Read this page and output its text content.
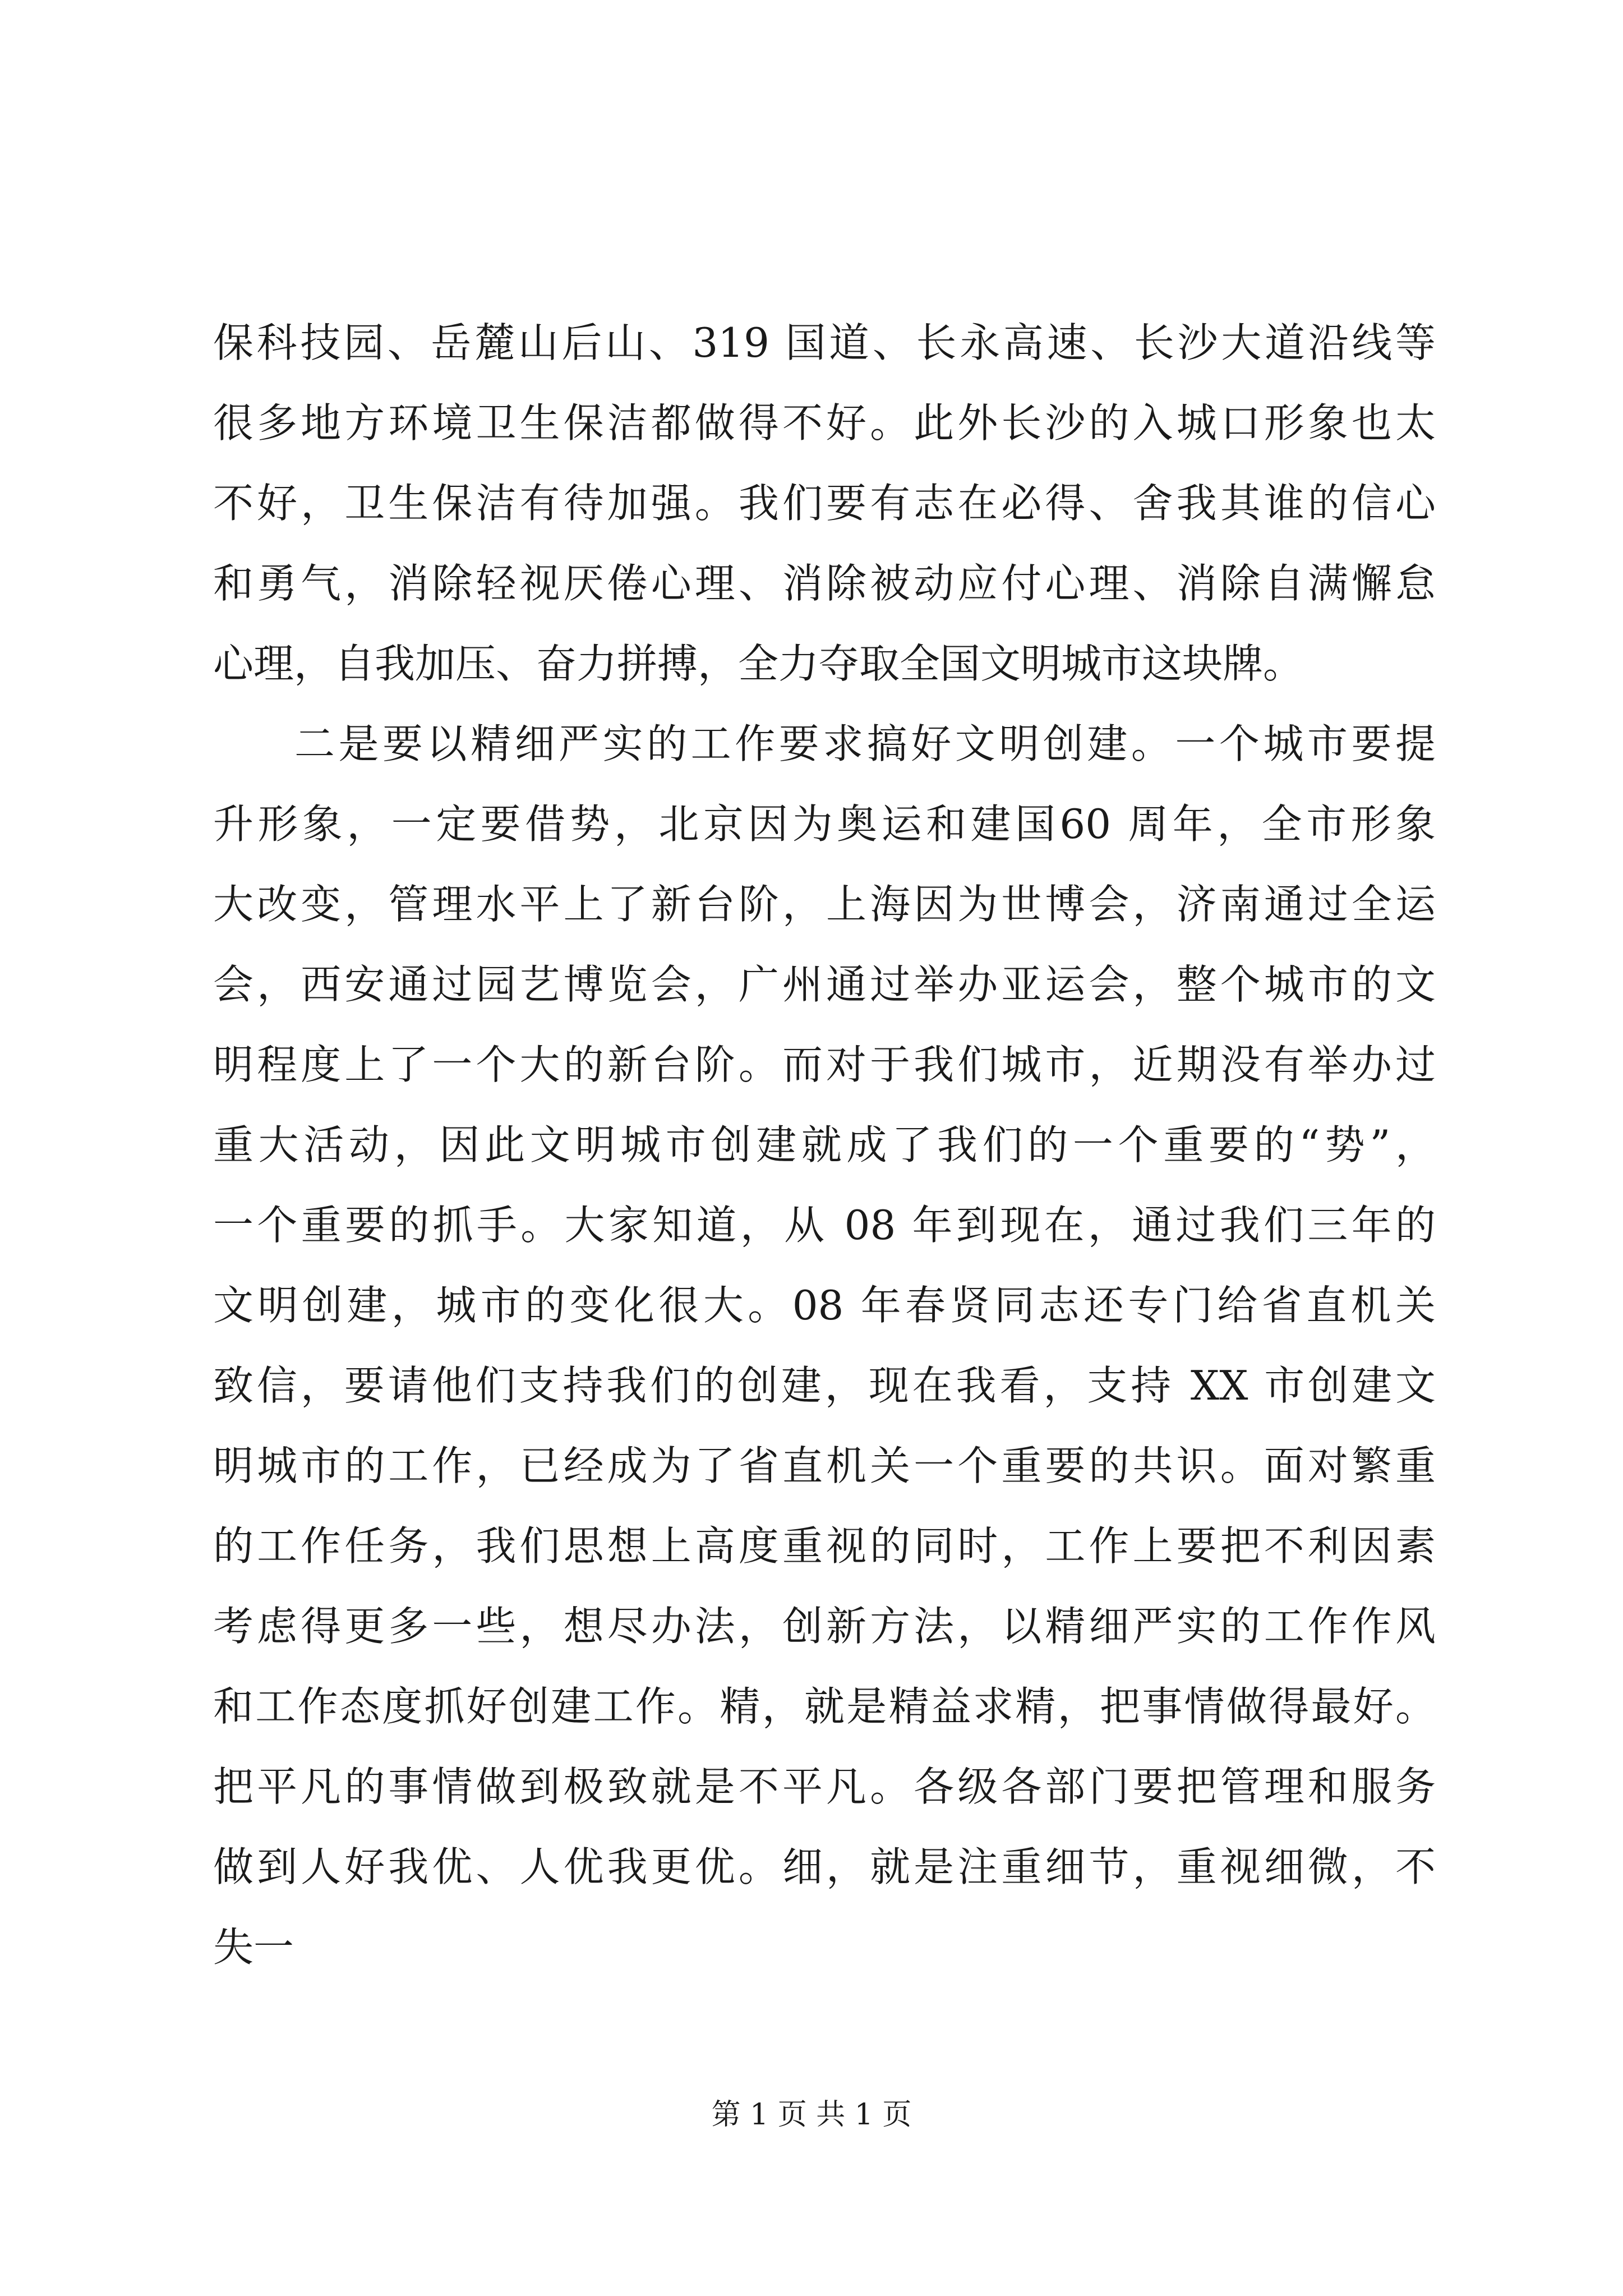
保科技园、岳麓山后山、319 国道、长永高速、长沙大道沿线等
很多地方环境卫生保洁都做得不好。此外长沙的入城口形象也太
不好，卫生保洁有待加强。我们要有志在必得、舍我其谁的信心
和勇气，消除轻视厌倦心理、消除被动应付心理、消除自满懈怠
心理，自我加压、奋力拼搏，全力夺取全国文明城市这块牌。
二是要以精细严实的工作要求搞好文明创建。一个城市要提
升形象，一定要借势，北京因为奥运和建国60 周年，全市形象
大改变，管理水平上了新台阶，上海因为世博会，济南通过全运
会，西安通过园艺博览会，广州通过举办亚运会，整个城市的文
明程度上了一个大的新台阶。而对于我们城市，近期没有举办过
重大活动，因此文明城市创建就成了我们的一个重要的“势”，
一个重要的抓手。大家知道，从 08 年到现在，通过我们三年的
文明创建，城市的变化很大。08 年春贤同志还专门给省直机关
致信，要请他们支持我们的创建，现在我看，支持 XX 市创建文
明城市的工作，已经成为了省直机关一个重要的共识。面对繁重
的工作任务，我们思想上高度重视的同时，工作上要把不利因素
考虑得更多一些，想尽办法，创新方法，以精细严实的工作作风
和工作态度抓好创建工作。精，就是精益求精，把事情做得最好。
把平凡的事情做到极致就是不平凡。各级各部门要把管理和服务
做到人好我优、人优我更优。细，就是注重细节，重视细微，不
失一
第 1 页 共 1 页
